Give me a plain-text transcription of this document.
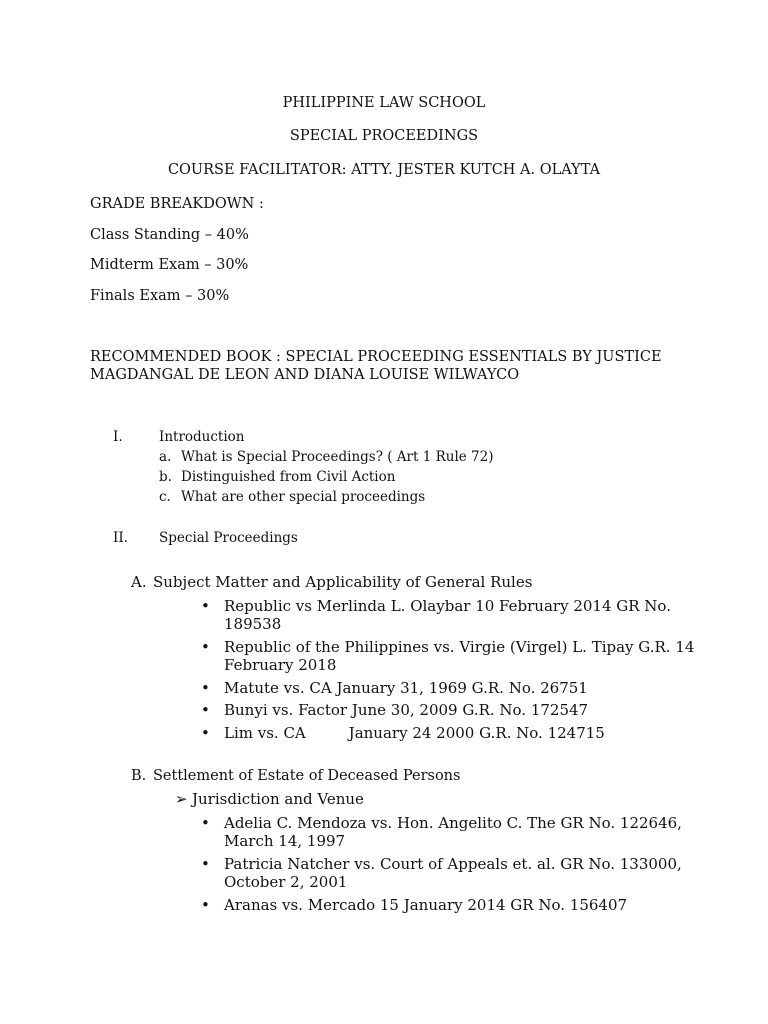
PHILIPPINE LAW SCHOOL
SPECIAL PROCEEDINGS
COURSE FACILITATOR: ATTY. JESTER KUTCH A. OLAYTA
GRADE BREAKDOWN :
Class Standing – 40%
Midterm Exam – 30%
Finals Exam – 30%
RECOMMENDED BOOK : SPECIAL PROCEEDING ESSENTIALS BY JUSTICE
MAGDANGAL DE LEON AND DIANA LOUISE WILWAYCO
I.	Introduction
a. What is Special Proceedings? ( Art 1 Rule 72)
b. Distinguished from Civil Action
c. What are other special proceedings
II. Special Proceedings
A. Subject Matter and Applicability of General Rules
• Republic vs Merlinda L. Olaybar 10 February 2014 GR No.
189538
• Republic of the Philippines vs. Virgie (Virgel) L. Tipay G.R. 14
February 2018
• Matute vs. CA January 31, 1969 G.R. No. 26751
• Bunyi vs. Factor June 30, 2009 G.R. No. 172547
• Lim vs. CA         January 24 2000 G.R. No. 124715
B. Settlement of Estate of Deceased Persons
➢ Jurisdiction and Venue
• Adelia C. Mendoza vs. Hon. Angelito C. The GR No. 122646,
March 14, 1997
• Patricia Natcher vs. Court of Appeals et. al. GR No. 133000,
October 2, 2001
• Aranas vs. Mercado 15 January 2014 GR No. 156407
